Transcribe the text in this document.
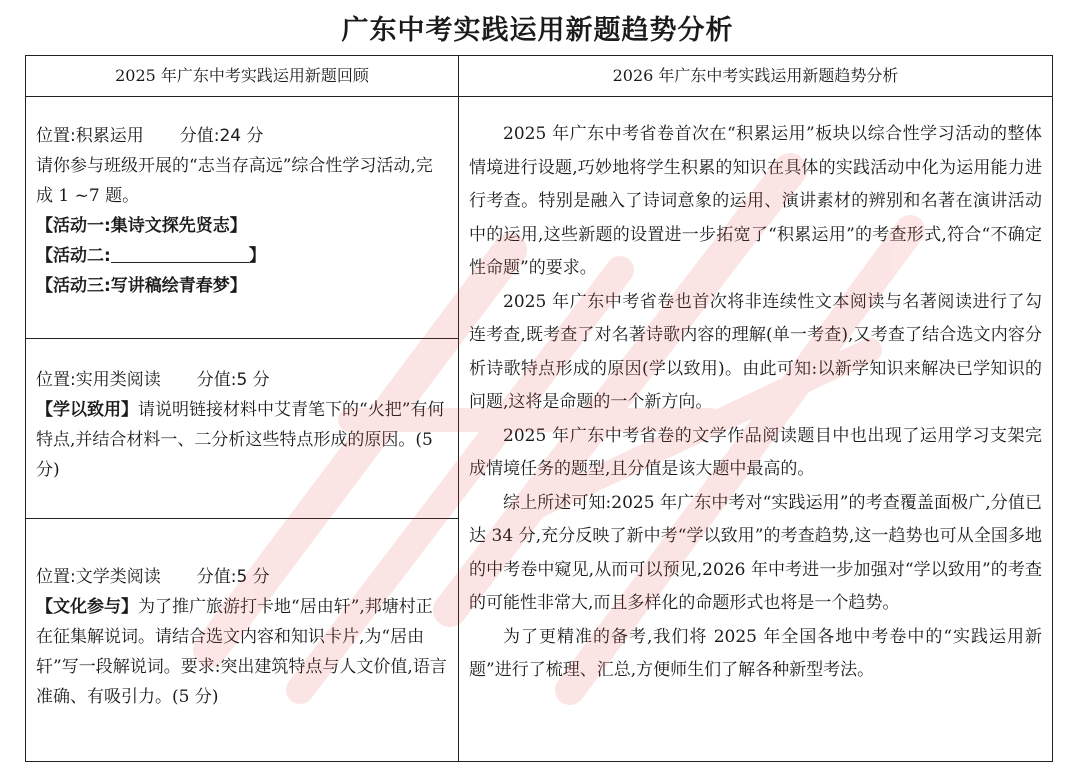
广东中考实践运用新题趋势分析
2025 年广东中考实践运用新题回顾	2026 年广东中考实践运用新题趋势分析

位置:积累运用 分值:24 分

请你参与班级开展的“志当存高远”综合性学习活动,完成 1 ~7 题。

【活动一:集诗文探先贤志】

【活动二:	】

【活动三:写讲稿绘青春梦】

位置:实用类阅读 分值:5 分

【学以致用】请说明链接材料中艾青笔下的“火把”有何特点,并结合材料一、二分析这些特点形成的原因。(5 分)

位置:文学类阅读 分值:5 分

【文化参与】为了推广旅游打卡地“居由轩”,邦塘村正在征集解说词。请结合选文内容和知识卡片,为“居由轩”写一段解说词。要求:突出建筑特点与人文价值,语言准确、有吸引力。(5 分)

2025 年广东中考省卷首次在“积累运用”板块以综合性学习活动的整体情境进行设题,巧妙地将学生积累的知识在具体的实践活动中化为运用能力进行考查。特别是融入了诗词意象的运用、演讲素材的辨别和名著在演讲活动中的运用,这些新题的设置进一步拓宽了“积累运用”的考查形式,符合“不确定性命题”的要求。

2025 年广东中考省卷也首次将非连续性文本阅读与名著阅读进行了勾连考查,既考查了对名著诗歌内容的理解(单一考查),又考查了结合选文内容分析诗歌特点形成的原因(学以致用)。由此可知:以新学知识来解决已学知识的问题,这将是命题的一个新方向。

2025 年广东中考省卷的文学作品阅读题目中也出现了运用学习支架完成情境任务的题型,且分值是该大题中最高的。

综上所述可知:2025 年广东中考对“实践运用”的考查覆盖面极广,分值已达 34 分,充分反映了新中考“学以致用”的考查趋势,这一趋势也可从全国多地的中考卷中窥见,从而可以预见,2026 年中考进一步加强对“学以致用”的考查的可能性非常大,而且多样化的命题形式也将是一个趋势。

为了更精准的备考,我们将 2025 年全国各地中考卷中的“实践运用新题”进行了梳理、汇总,方便师生们了解各种新型考法。
